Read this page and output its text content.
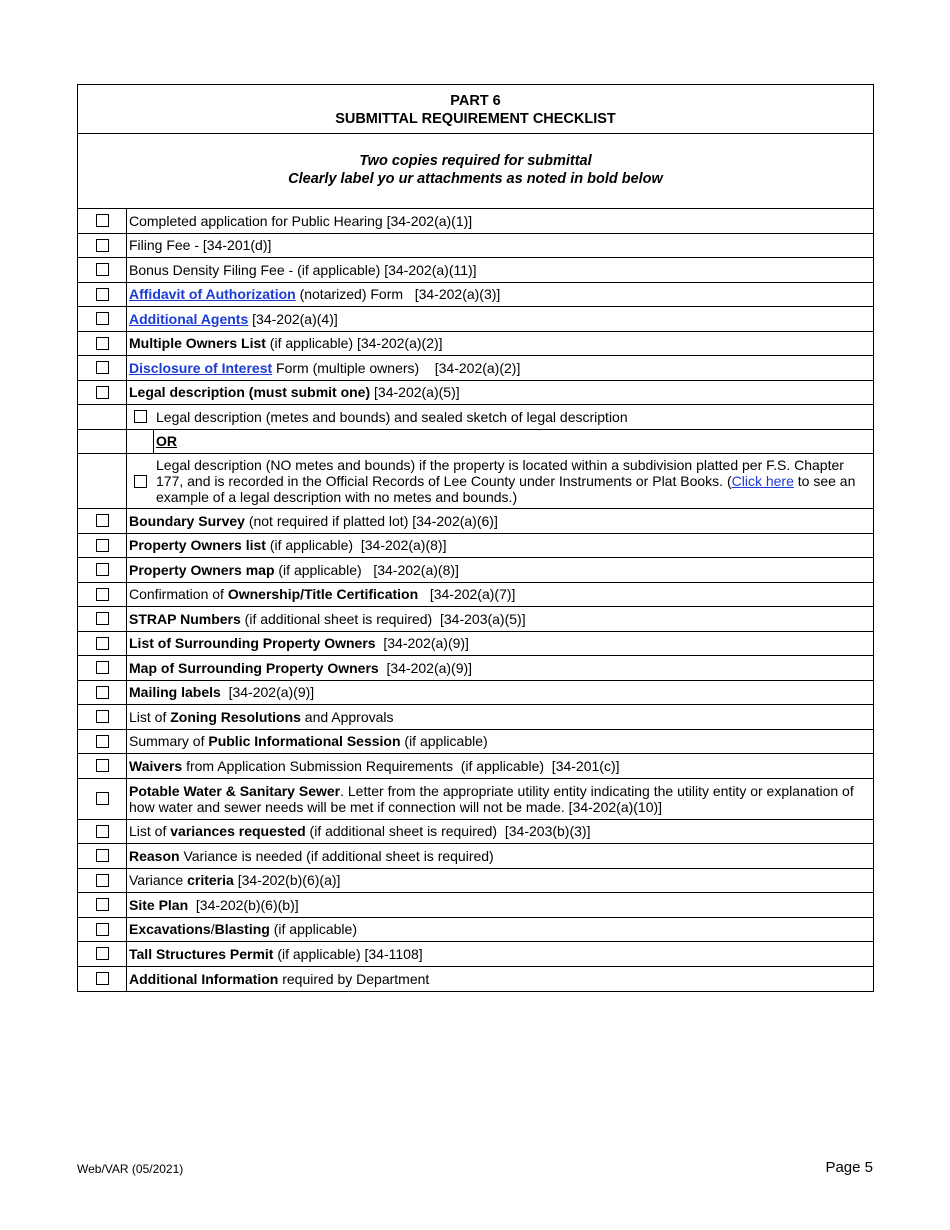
PART 6
SUBMITTAL REQUIREMENT CHECKLIST
Two copies required for submittal
Clearly label yo ur attachments as noted in bold below
Completed application for Public Hearing [34-202(a)(1)]
Filing Fee - [34-201(d)]
Bonus Density Filing Fee - (if applicable) [34-202(a)(11)]
Affidavit of Authorization (notarized) Form   [34-202(a)(3)]
Additional Agents [34-202(a)(4)]
Multiple Owners List (if applicable) [34-202(a)(2)]
Disclosure of Interest Form (multiple owners)    [34-202(a)(2)]
Legal description (must submit one) [34-202(a)(5)]
Legal description (metes and bounds) and sealed sketch of legal description
OR
Legal description (NO metes and bounds) if the property is located within a subdivision platted per F.S. Chapter 177, and is recorded in the Official Records of Lee County under Instruments or Plat Books. (Click here to see an example of a legal description with no metes and bounds.)
Boundary Survey (not required if platted lot) [34-202(a)(6)]
Property Owners list (if applicable)  [34-202(a)(8)]
Property Owners map (if applicable)   [34-202(a)(8)]
Confirmation of Ownership/Title Certification   [34-202(a)(7)]
STRAP Numbers (if additional sheet is required)  [34-203(a)(5)]
List of Surrounding Property Owners  [34-202(a)(9)]
Map of Surrounding Property Owners  [34-202(a)(9)]
Mailing labels  [34-202(a)(9)]
List of Zoning Resolutions and Approvals
Summary of Public Informational Session (if applicable)
Waivers from Application Submission Requirements  (if applicable)  [34-201(c)]
Potable Water & Sanitary Sewer. Letter from the appropriate utility entity indicating the utility entity or explanation of how water and sewer needs will be met if connection will not be made. [34-202(a)(10)]
List of variances requested (if additional sheet is required)  [34-203(b)(3)]
Reason Variance is needed (if additional sheet is required)
Variance criteria [34-202(b)(6)(a)]
Site Plan  [34-202(b)(6)(b)]
Excavations/Blasting (if applicable)
Tall Structures Permit (if applicable) [34-1108]
Additional Information required by Department
Web/VAR (05/2021)	Page 5
